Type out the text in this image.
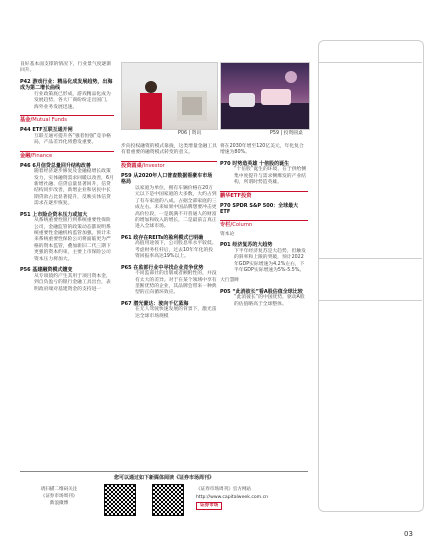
良好基本面支撑的情况下，行业景气度逐渐回升。
P42 游戏行业：精品化成发展趋势，出海成为第二增长曲线
行业政策底已形成，游戏精品化成为发展趋势，各大厂商纷纷走出国门，海外业务发展迅速。
基金/Mutual Funds
P44 ETF互联互通开闸
互联互通可提升各“强者恒强”竞争格局，产品差异化将愈发重要。
金融/Finance
P46 6月信贷总量回升结构改善
随着经济逐步修复及金融稳增长政策发力，实体融资需求回暖以改善，6月新增社融、信贷总量显著回升，信贷结构同步改善，新增企业和居民中长期贷款占比显著提升，反映实体信贷需求在逐步恢复。
P51 上市险企资本压力或加大
从系统重要性银行到系统重要性保险公司，金融监管的政策动态都说明系统重要性金融机构监管加强。预计未来系统重要性保险公司将面临更为严格的资本监管，叠加新旧二代三期下更强的资本约束，主要上市保险公司资本压力将加大。
P56 基建融资模式嬗变
从专项债约产生其用于项目资本金，到自负盈亏的银行金融工具出台，表明政府端对基建资金的支持进一
P06 | 资讯	P59 | 投资圆桌
步向投权融资的模式靠拢，这类增量金融工具有着重要的融资模式转变的意义。
投资圆桌/Investor
P59 从2020年人口普查数据看豪车市场格局
以家庭为单位，拥有车辆价格在20万元以下是中国家庭的大多数，大约占到了有车家庭的八成。占据全部家庭的三成左右。未来如果中国品牌想要冲击更高价位段，一是既满不开普通人的财富的增加和收入的增长，二是最前言真正进入全球市场。
P61 政存在REITs的盈利模式已明确
高值用途领下，公司股息率水平较低。考虑财务杠杆后，过去10年年化的投资回报率高达19%以上。
P65 在监部行业中寻找企业竞争优势
不同监部社的出版或者额附性的，并没有太大的差异。对于在某个领域中享有垄断优势的企业，其品牌会带来一种典型的正向循环效应。
P67 潜光蕾达：驶向千亿蓝海
在无人驾驶快速发展的背景下，激光雷达全球市场规模
将在2030年增至120亿美元，年化复合增速为80%。
P70 时势造英雄 十倍股的诞生
“十倍股”诞生的环境，在于供给侧集中度提升与需求侧爆发的产业结构，所谓时势造英雄。
鹏华ETF投资
P70 SPDR S&P 500：全球最大ETF
专栏/Column
资本论
P01 经济复苏的大趋势
下半年经济复苏是大趋势，但触发的斜率和上限的突破，预计2022年GDP实际增速为4.2%左右，下半年GDP实际增速为5%-5.5%。
大行慧眸
P05 “此消彼长”看A股估值全球比较
“此消彼长”的中国优势，驱动A股的估值略高于全球整体。
您可以通过如下新媒体阅读《证券市场周刊》
请扫描二维码关注
《证券市场周刊》
新浪微博
《证券市场周刊》官方网站
http://www.capitalweek.com.cn
证券市场
03
